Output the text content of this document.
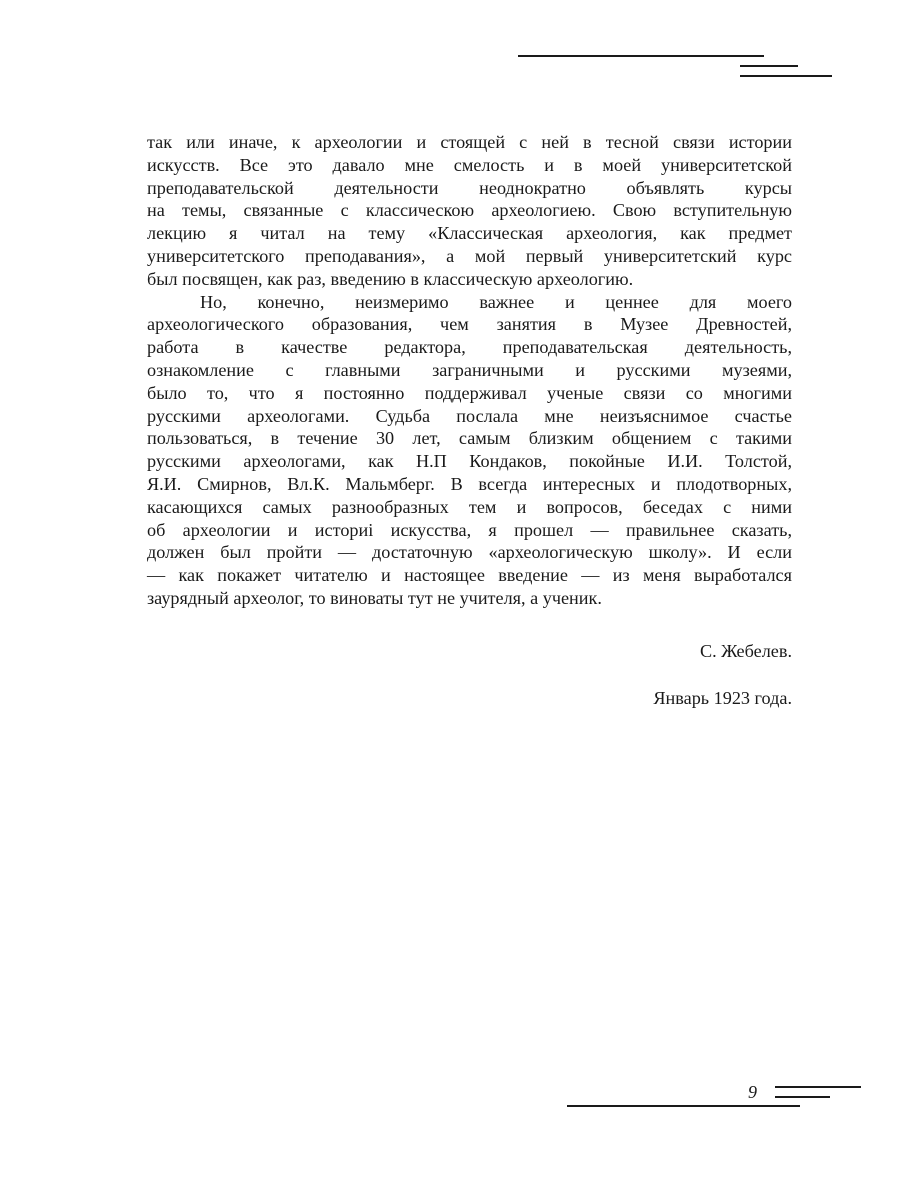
так или иначе, к археологии и стоящей с ней в тесной связи истории
искусств. Все это давало мне смелость и в моей университетской
преподавательской деятельности неоднократно объявлять курсы
на темы, связанные с классическою археологиею. Свою вступительную
лекцию я читал на тему «Классическая археология, как предмет
университетского преподавания», а мой первый университетский курс
был посвящен, как раз, введению в классическую археологию.
Но, конечно, неизмеримо важнее и ценнее для моего
археологического образования, чем занятия в Музее Древностей,
работа в качестве редактора, преподавательская деятельность,
ознакомление с главными заграничными и русскими музеями,
было то, что я постоянно поддерживал ученые связи со многими
русскими археологами. Судьба послала мне неизъяснимое счастье
пользоваться, в течение 30 лет, самым близким общением с такими
русскими археологами, как Н.П Кондаков, покойные И.И. Толстой,
Я.И. Смирнов, Вл.К. Мальмберг. В всегда интересных и плодотворных,
касающихся самых разнообразных тем и вопросов, беседах с ними
об археологии и историі искусства, я прошел — правильнее сказать,
должен был пройти — достаточную «археологическую школу». И если
— как покажет читателю и настоящее введение — из меня выработался
заурядный археолог, то виноваты тут не учителя, а ученик.
С. Жебелев.
Январь 1923 года.
9
